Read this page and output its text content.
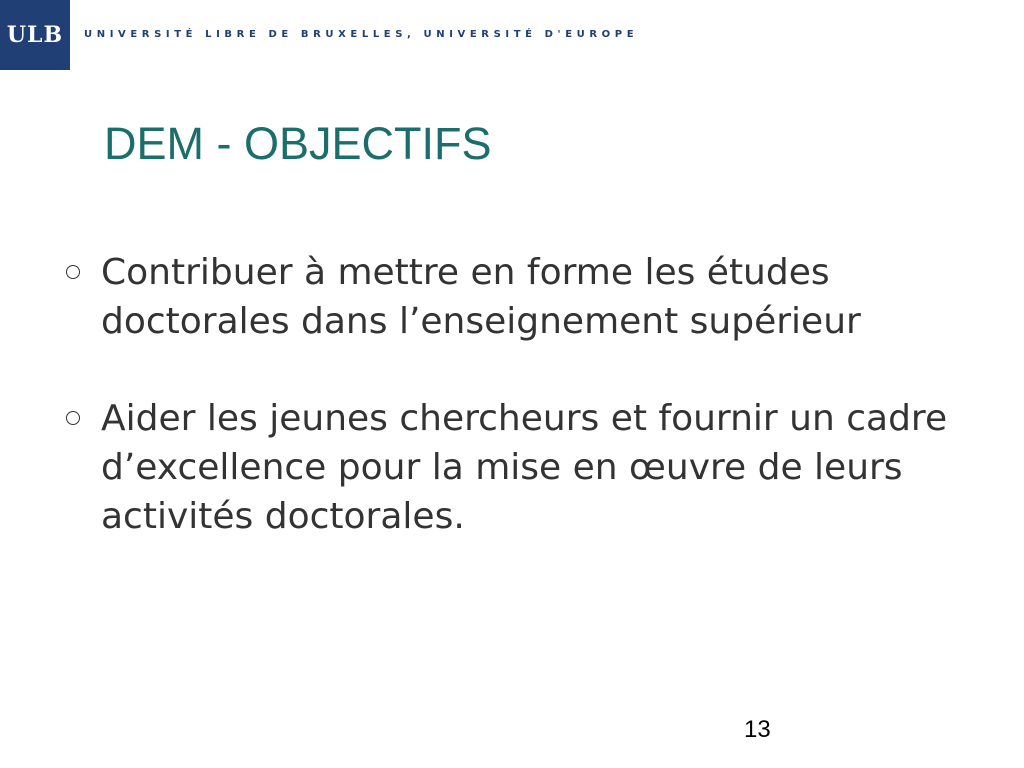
ULB UNIVERSITÉ LIBRE DE BRUXELLES, UNIVERSITÉ D'EUROPE
DEM - OBJECTIFS
Contribuer à mettre en forme les études doctorales dans l’enseignement supérieur
Aider les jeunes chercheurs et fournir un cadre d’excellence pour la mise en œuvre de leurs activités doctorales.
13
